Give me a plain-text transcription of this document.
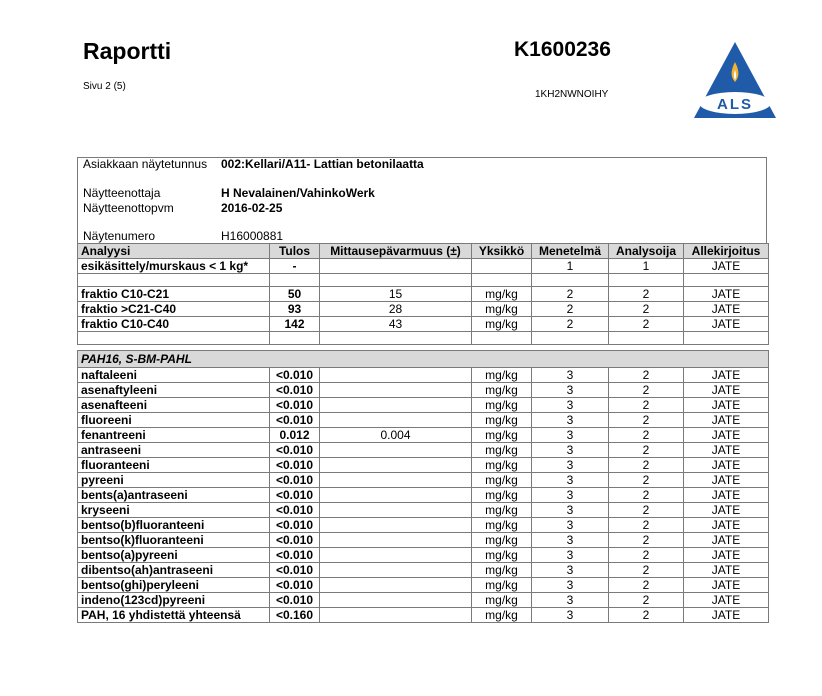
Raportti
Sivu 2 (5)
K1600236
1KH2NWNOIHY
ALS
Asiakkaan näytetunnus 002:Kellari/A11- Lattian betonilaatta
Näytteenottaja	H Nevalainen/VahinkoWerk
Näytteenottopvm	2016-02-25
Näytenumero	H16000881
Analyysi	Tulos	Mittausepävarmuus (±)	Yksikkö	Menetelmä	Analysoija	Allekirjoitus
esikäsittely/murskaus < 1 kg*	-			1	1	JATE

fraktio C10-C21	50	15	mg/kg	2	2	JATE
fraktio >C21-C40	93	28	mg/kg	2	2	JATE
fraktio C10-C40	142	43	mg/kg	2	2	JATE

PAH16, S-BM-PAHL						
naftaleeni	<0.010		mg/kg	3	2	JATE
asenaftyleeni	<0.010		mg/kg	3	2	JATE
asenafteeni	<0.010		mg/kg	3	2	JATE
fluoreeni	<0.010		mg/kg	3	2	JATE
fenantreeni	0.012	0.004	mg/kg	3	2	JATE
antraseeni	<0.010		mg/kg	3	2	JATE
fluoranteeni	<0.010		mg/kg	3	2	JATE
pyreeni	<0.010		mg/kg	3	2	JATE
bents(a)antraseeni	<0.010		mg/kg	3	2	JATE
kryseeni	<0.010		mg/kg	3	2	JATE
bentso(b)fluoranteeni	<0.010		mg/kg	3	2	JATE
bentso(k)fluoranteeni	<0.010		mg/kg	3	2	JATE
bentso(a)pyreeni	<0.010		mg/kg	3	2	JATE
dibentso(ah)antraseeni	<0.010		mg/kg	3	2	JATE
bentso(ghi)peryleeni	<0.010		mg/kg	3	2	JATE
indeno(123cd)pyreeni	<0.010		mg/kg	3	2	JATE
PAH, 16 yhdistettä yhteensä	<0.160		mg/kg	3	2	JATE
